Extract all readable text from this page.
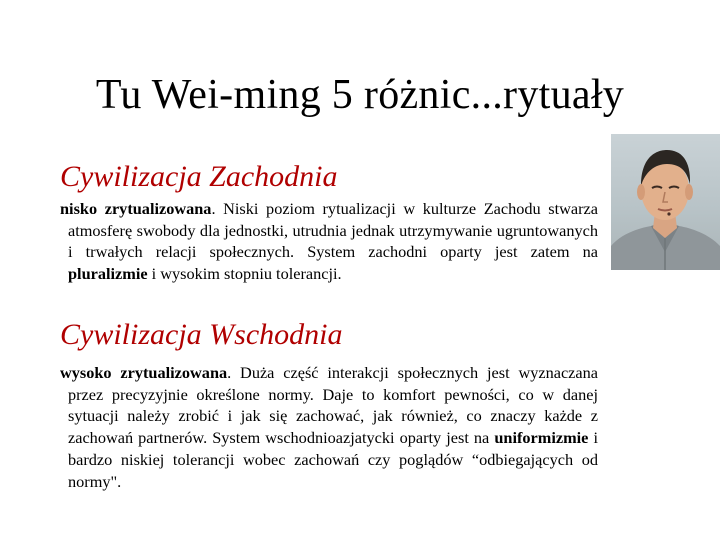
Tu Wei-ming 5 różnic...rytuały
Cywilizacja Zachodnia
nisko zrytualizowana. Niski poziom rytualizacji w kulturze Zachodu stwarza atmosferę swobody dla jednostki, utrudnia jednak utrzymywanie ugruntowanych i trwałych relacji społecznych. System zachodni oparty jest zatem na pluralizmie i wysokim stopniu tolerancji.
Cywilizacja Wschodnia
wysoko zrytualizowana. Duża część interakcji społecznych jest wyznaczana przez precyzyjnie określone normy. Daje to komfort pewności, co w danej sytuacji należy zrobić i jak się zachować, jak również, co znaczy każde z zachowań partnerów. System wschodnioazjatycki oparty jest na uniformizmie i bardzo niskiej tolerancji wobec zachowań czy poglądów “odbiegających od normy".
